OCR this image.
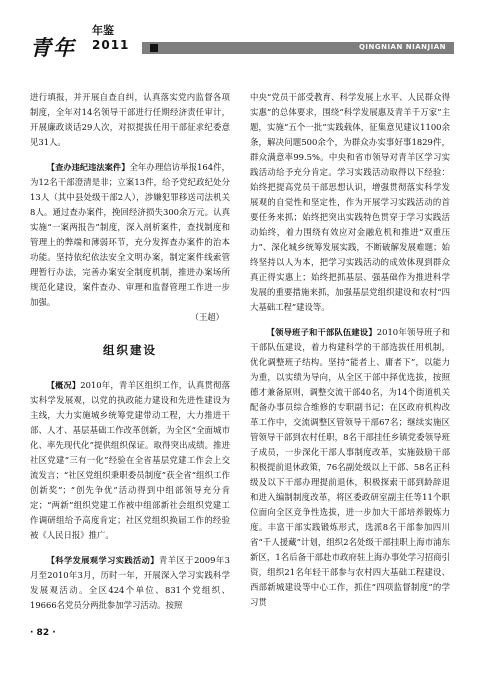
青年
年鉴
2011	QINGNIAN NIANJIAN

进行填报，并开展自查自纠，认真落实党内监督各项制度，全年对14名领导干部进行任期经济责任审计，开展廉政谈话29人次，对拟提拔任用干部征求纪委意见31人。

【查办违纪违法案件】全年办理信访举报164件，为12名干部澄清是非；立案13件，给予党纪政纪处分13人（其中县处级干部2人），涉嫌犯罪移送司法机关8人。通过查办案件，挽回经济损失300余万元。认真实施“一案两报告”制度，深入剖析案件，查找制度和管理上的弊端和薄弱环节，充分发挥查办案件的治本功能。坚持依纪依法安全文明办案，制定案件线索管理暂行办法，完善办案安全制度机制，推进办案场所规范化建设，案件查办、审理和监督管理工作进一步加强。

（王超）

组织建设

【概况】2010年，青羊区组织工作，认真贯彻落实科学发展观，以党的执政能力建设和先进性建设为主线，大力实施城乡统筹党建带动工程，大力推进干部、人才、基层基础工作改革创新，为全区“全面城市化、率先现代化”提供组织保证。取得突出成绩。推进社区党建“三有一化”经验在全省基层党建工作会上交流发言；“社区党组织秉职委员制度”获全省“组织工作创新奖”；“创先争优”活动得到中组部领导充分肯定；“两新”组织党建工作被中组部新社会组织党建工作调研组给予高度肯定；社区党组织换届工作的经验被《人民日报》推广。

【科学发展观学习实践活动】青羊区于2009年3月至2010年3月，历时一年，开展深入学习实践科学发展观活动。全区424个单位、831个党组织、19666名党员分两批参加学习活动。按照

中央“党员干部受教育、科学发展上水平、人民群众得实惠”的总体要求，围绕“科学发展惠及青羊千万家”主题，实施“五个一批”实践载体，征集意见建议1100余条，解决问题500余个，为群众办实事好事1829件，群众满意率99.5%。中央和省市领导对青羊区学习实践活动给予充分肯定。学习实践活动取得以下经验：始终把提高党员干部思想认识，增强贯彻落实科学发展观的自觉性和坚定性，作为开展学习实践活动的首要任务来抓；始终把突出实践特色贯穿于学习实践活动始终，着力围绕有效应对金融危机和推进“双重压力”、深化城乡统筹发展实践，不断破解发展难题；始终坚持以人为本，把学习实践活动的成效体现到群众真正得实惠上；始终把抓基层、强基础作为推进科学发展的重要措施来抓，加强基层党组织建设和农村“四大基础工程”建设等。

【领导班子和干部队伍建设】2010年领导班子和干部队伍建设，着力构建科学的干部选拔任用机制，优化调整班子结构。坚持“能者上、庸者下”，以能力为重，以实绩为导向，从全区干部中择优选拔，按照德才兼备原则，调整交流干部40名，为14个街道机关配备办事员综合维修的专职副书记；在区政府机构改革工作中，交流调整区管领导干部67名；继续实施区管领导干部到农村任职，8名干部挂任乡镇党委领导班子成员，一步深化干部人事制度改革，实施鼓励干部积极提前退休政策，76名副处级以上干部、58名正科级及以下干部办理提前退休，积极探索干部到龄辞退和进入编制制度改革，将区委政研室副主任等11个职位面向全区竞争性选拔，进一步加大干部培养锻炼力度。丰富干部实践锻炼形式，选派8名干部参加四川省“千人援藏”计划，组织2名处级干部挂职上海市浦东新区，1名后备干部赴市政府驻上海办事处学习招商引资，组织21名年轻干部参与农村四大基础工程建设、西部新城建设等中心工作，抓住“四项监督制度”的学习贯

· 82 ·
